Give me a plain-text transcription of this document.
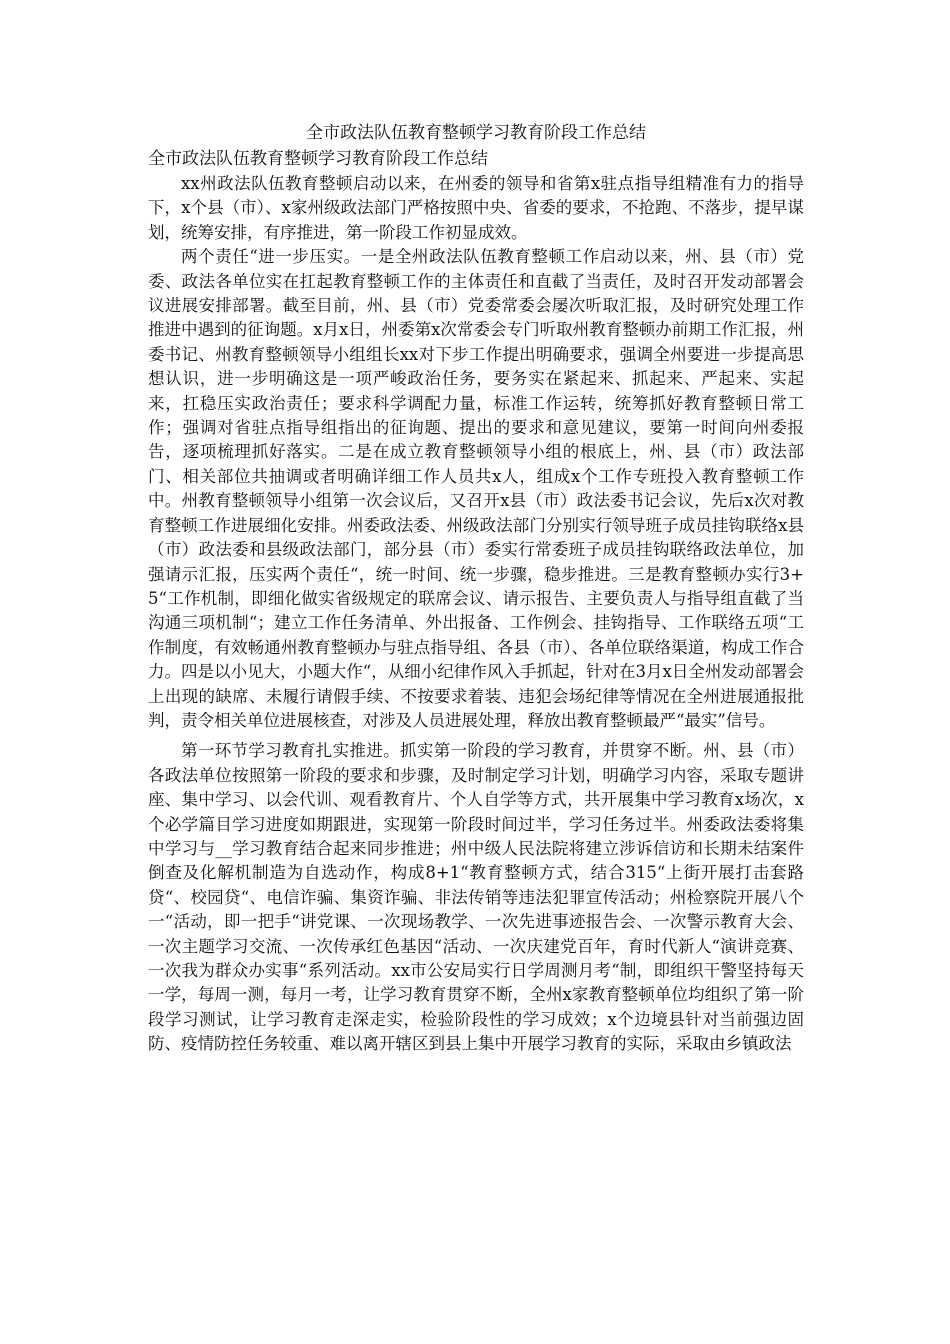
全市政法队伍教育整顿学习教育阶段工作总结
全市政法队伍教育整顿学习教育阶段工作总结

xx州政法队伍教育整顿启动以来，在州委的领导和省第x驻点指导组精准有力的指导下，x个县（市）、x家州级政法部门严格按照中央、省委的要求，不抢跑、不落步，提早谋划，统筹安排，有序推进，第一阶段工作初显成效。

两个责任“进一步压实。一是全州政法队伍教育整顿工作启动以来，州、县（市）党委、政法各单位实在扛起教育整顿工作的主体责任和直截了当责任，及时召开发动部署会议进展安排部署。截至目前，州、县（市）党委常委会屡次听取汇报，及时研究处理工作推进中遇到的征询题。x月x日，州委第x次常委会专门听取州教育整顿办前期工作汇报，州委书记、州教育整顿领导小组组长xx对下步工作提出明确要求，强调全州要进一步提高思想认识，进一步明确这是一项严峻政治任务，要务实在紧起来、抓起来、严起来、实起来，扛稳压实政治责任；要求科学调配力量，标准工作运转，统筹抓好教育整顿日常工作；强调对省驻点指导组指出的征询题、提出的要求和意见建议，要第一时间向州委报告，逐项梳理抓好落实。二是在成立教育整顿领导小组的根底上，州、县（市）政法部门、相关部位共抽调或者明确详细工作人员共x人，组成x个工作专班投入教育整顿工作中。州教育整顿领导小组第一次会议后，又召开x县（市）政法委书记会议，先后x次对教育整顿工作进展细化安排。州委政法委、州级政法部门分别实行领导班子成员挂钩联络x县（市）政法委和县级政法部门，部分县（市）委实行常委班子成员挂钩联络政法单位，加强请示汇报，压实两个责任“，统一时间、统一步骤，稳步推进。三是教育整顿办实行3+5“工作机制，即细化做实省级规定的联席会议、请示报告、主要负责人与指导组直截了当沟通三项机制“；建立工作任务清单、外出报备、工作例会、挂钩指导、工作联络五项“工作制度，有效畅通州教育整顿办与驻点指导组、各县（市）、各单位联络渠道，构成工作合力。四是以小见大，小题大作“，从细小纪律作风入手抓起，针对在3月x日全州发动部署会上出现的缺席、未履行请假手续、不按要求着装、违犯会场纪律等情况在全州进展通报批判，责令相关单位进展核查，对涉及人员进展处理，释放出教育整顿最严“最实”信号。

第一环节学习教育扎实推进。抓实第一阶段的学习教育，并贯穿不断。州、县（市）各政法单位按照第一阶段的要求和步骤，及时制定学习计划，明确学习内容，采取专题讲座、集中学习、以会代训、观看教育片、个人自学等方式，共开展集中学习教育x场次，x个必学篇目学习进度如期跟进，实现第一阶段时间过半，学习任务过半。州委政法委将集中学习与__学习教育结合起来同步推进；州中级人民法院将建立涉诉信访和长期未结案件倒查及化解机制造为自选动作，构成8+1“教育整顿方式，结合315“上街开展打击套路贷“、校园贷“、电信诈骗、集资诈骗、非法传销等违法犯罪宣传活动；州检察院开展八个一“活动，即一把手“讲党课、一次现场教学、一次先进事迹报告会、一次警示教育大会、一次主题学习交流、一次传承红色基因“活动、一次庆建党百年，育时代新人“演讲竞赛、一次我为群众办实事“系列活动。xx市公安局实行日学周测月考“制，即组织干警坚持每天一学，每周一测，每月一考，让学习教育贯穿不断，全州x家教育整顿单位均组织了第一阶段学习测试，让学习教育走深走实，检验阶段性的学习成效；x个边境县针对当前强边固防、疫情防控任务较重、难以离开辖区到县上集中开展学习教育的实际，采取由乡镇政法
